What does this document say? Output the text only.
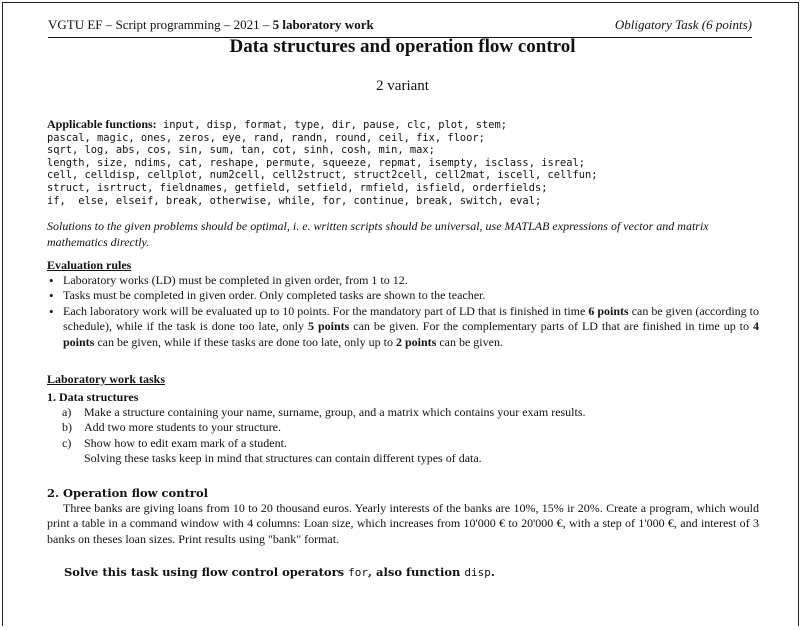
VGTU EF – Script programming – 2021 – 5 laboratory work	Obligatory Task (6 points)
Data structures and operation flow control
2 variant
Applicable functions: input, disp, format, type, dir, pause, clc, plot, stem;
pascal, magic, ones, zeros, eye, rand, randn, round, ceil, fix, floor;
sqrt, log, abs, cos, sin, sum, tan, cot, sinh, cosh, min, max;
length, size, ndims, cat, reshape, permute, squeeze, repmat, isempty, isclass, isreal;
cell, celldisp, cellplot, num2cell, cell2struct, struct2cell, cell2mat, iscell, cellfun;
struct, isrtruct, fieldnames, getfield, setfield, rmfield, isfield, orderfields;
if,  else, elseif, break, otherwise, while, for, continue, break, switch, eval;
Solutions to the given problems should be optimal, i. e. written scripts should be universal, use MATLAB expressions of vector and matrix mathematics directly.
Evaluation rules
• Laboratory works (LD) must be completed in given order, from 1 to 12.
• Tasks must be completed in given order. Only completed tasks are shown to the teacher.
• Each laboratory work will be evaluated up to 10 points. For the mandatory part of LD that is finished in time 6 points can be given (according to schedule), while if the task is done too late, only 5 points can be given. For the complementary parts of LD that are finished in time up to 4 points can be given, while if these tasks are done too late, only up to 2 points can be given.
Laboratory work tasks
1. Data structures
a) Make a structure containing your name, surname, group, and a matrix which contains your exam results.
b) Add two more students to your structure.
c) Show how to edit exam mark of a student.
Solving these tasks keep in mind that structures can contain different types of data.
2. Operation flow control
Three banks are giving loans from 10 to 20 thousand euros. Yearly interests of the banks are 10%, 15% ir 20%. Create a program, which would print a table in a command window with 4 columns: Loan size, which increases from 10'000 € to 20'000 €, with a step of 1'000 €, and interest of 3 banks on theses loan sizes. Print results using "bank" format.
Solve this task using flow control operators for, also function disp.
